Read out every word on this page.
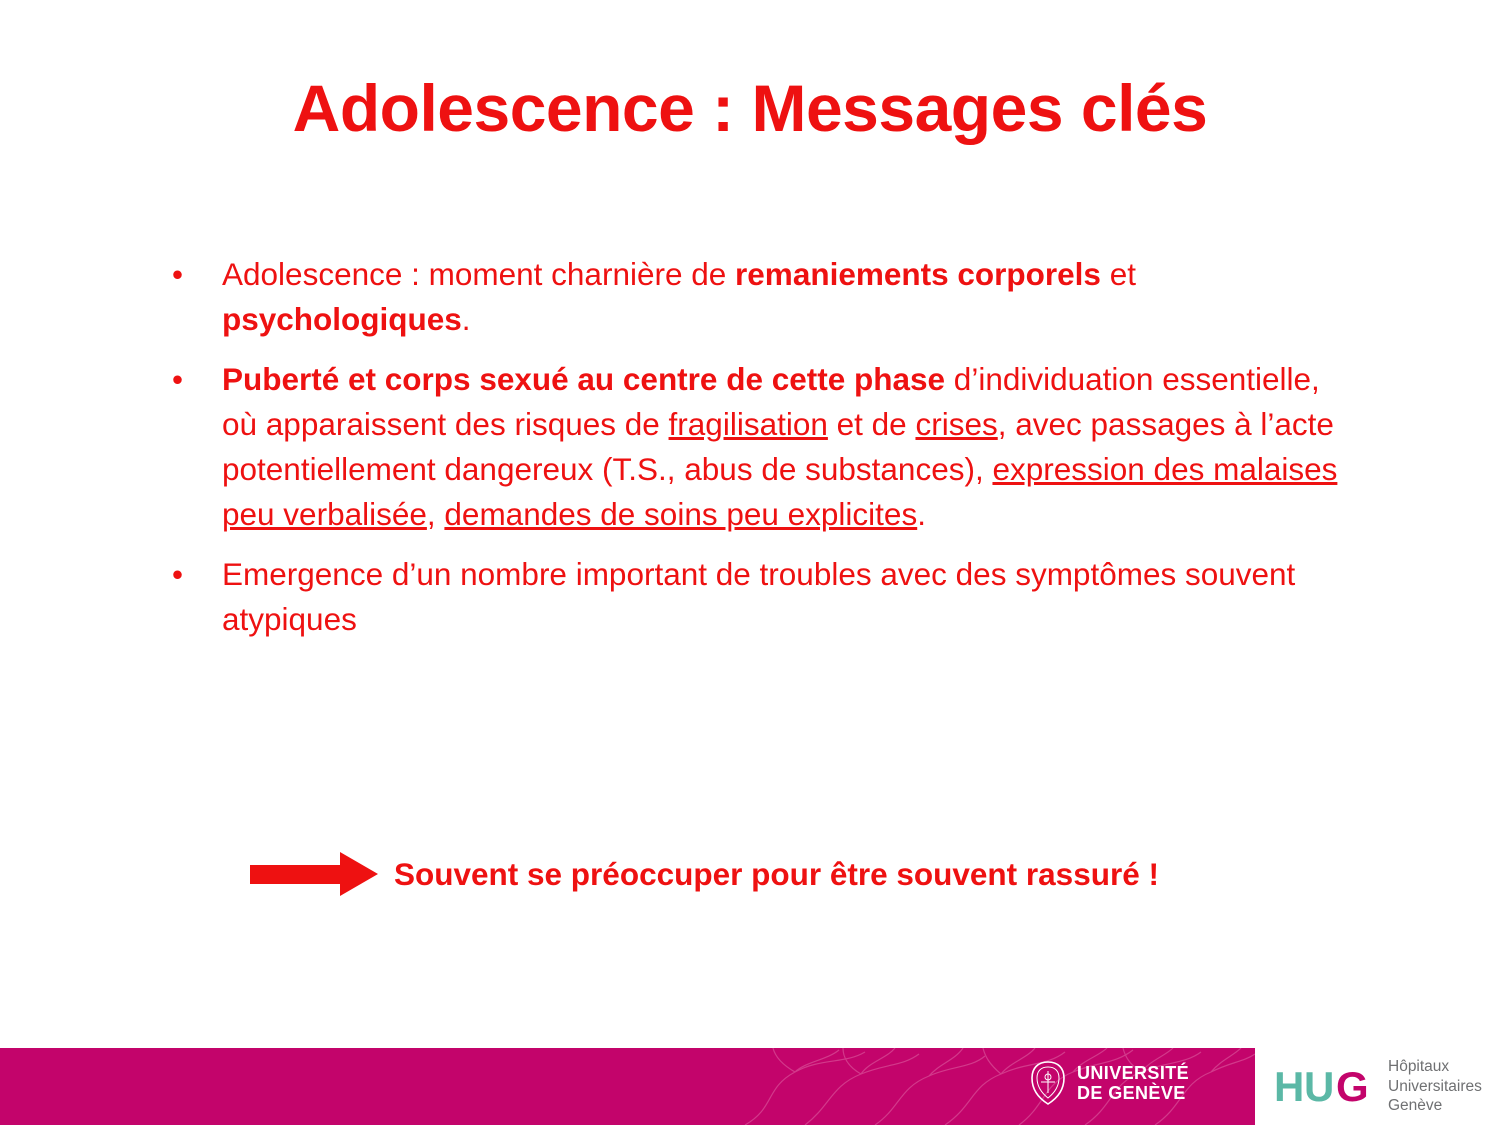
Adolescence : Messages clés
• Adolescence : moment charnière de remaniements corporels et psychologiques.
• Puberté et corps sexué au centre de cette phase d’individuation essentielle, où apparaissent des risques de fragilisation et de crises, avec passages à l’acte potentiellement dangereux (T.S., abus de substances), expression des malaises peu verbalisée, demandes de soins peu explicites.
• Emergence d’un nombre important de troubles avec des symptômes souvent atypiques
Souvent se préoccuper pour être souvent rassuré !
UNIVERSITÉ
DE GENÈVE H U G Hôpitaux
Universitaires
Genève
